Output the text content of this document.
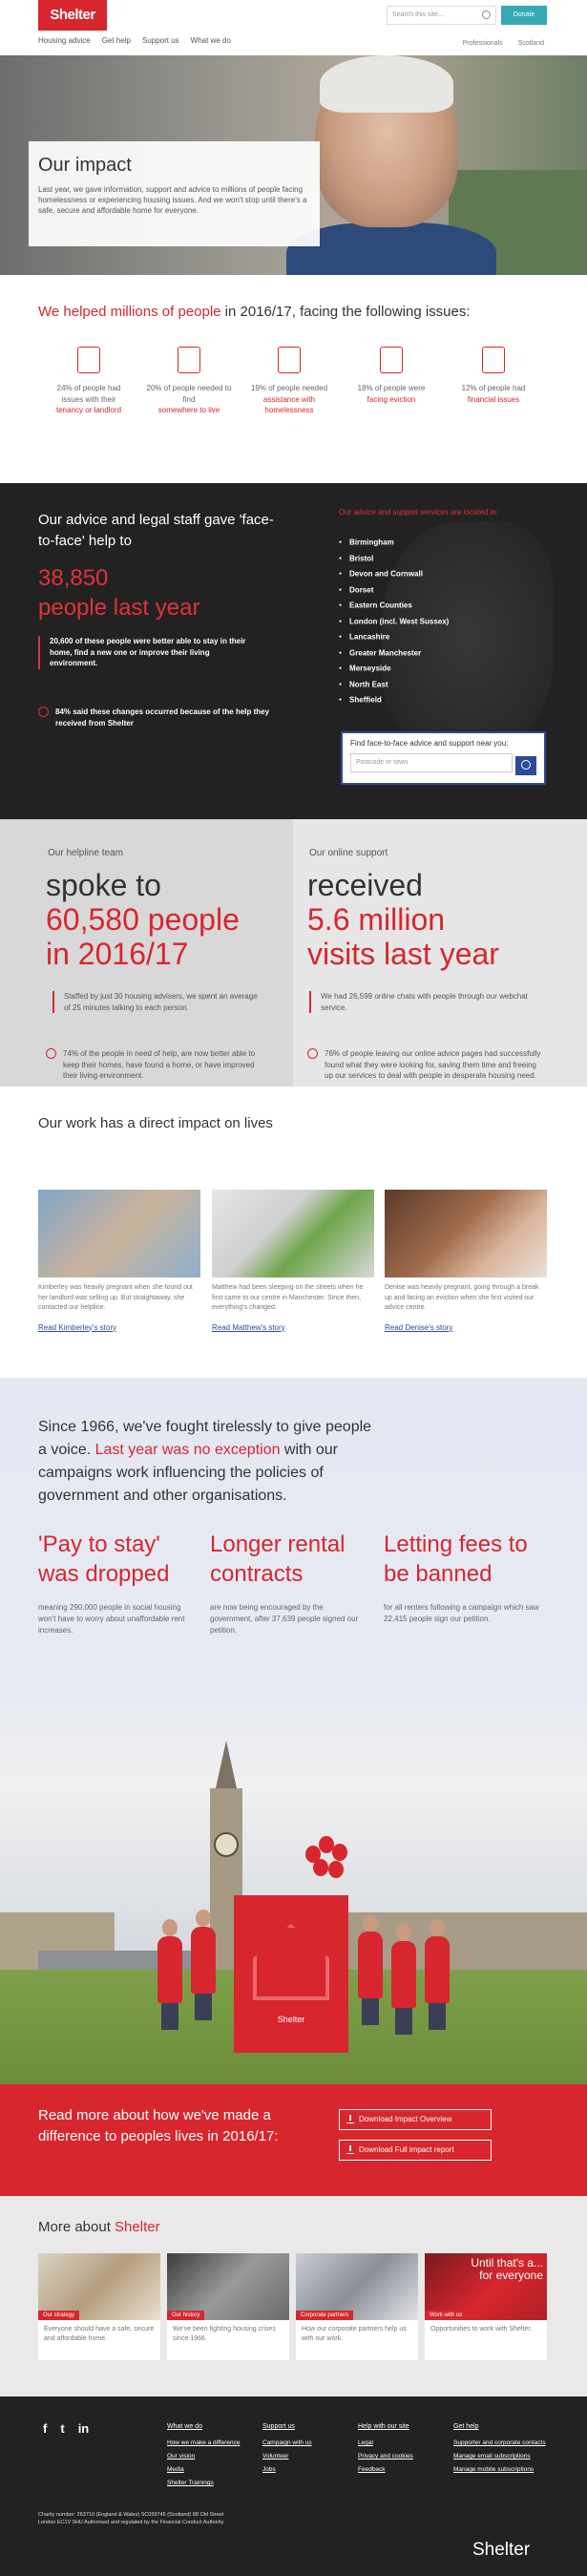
Shelter	Search this site...	Donate
Housing advice Get help Support us What we do	Professionals Scotland
Our impact

Last year, we gave information, support and advice to millions of people facing homelessness or experiencing housing issues. And we won't stop until there's a safe, secure and affordable home for everyone.

We helped millions of people in 2016/17, facing the following issues:
24% of people had issues with their
tenancy or landlord
20% of people needed to find
somewhere to live
19% of people needed
assistance with homelessness
18% of people were
facing eviction
12% of people had
financial issues
Our advice and legal staff gave 'face-to-face' help to
38,850
people last year
20,600 of these people were better able to stay in their home, find a new one or improve their living environment.
84% said these changes occurred because of the help they received from Shelter
Our advice and support services are located in:
● Birmingham
● Bristol
● Devon and Cornwall
● Dorset
● Eastern Counties
● London (incl. West Sussex)
● Lancashire
● Greater Manchester
● Merseyside
● North East
● Sheffield
Find face-to-face advice and support near you:
Postcode or town
Our helpline team
spoke to
60,580 people
in 2016/17
Staffed by just 30 housing advisers, we spent an average of 25 minutes talking to each person.
74% of the people in need of help, are now better able to keep their homes, have found a home, or have improved their living environment.
Our online support
received
5.6 million
visits last year
We had 26,599 online chats with people through our webchat service.
76% of people leaving our online advice pages had successfully found what they were looking for, saving them time and freeing up our services to deal with people in desperate housing need.
Our work has a direct impact on lives

Kimberley was heavily pregnant when she found out her landlord was selling up. But straightaway, she contacted our helpline.

Read Kimberley's story

Matthew had been sleeping on the streets when he first came to our centre in Manchester. Since then, everything's changed.

Read Matthew's story

Denise was heavily pregnant, going through a break up and facing an eviction when she first visited our advice centre.

Read Denise's story
Since 1966, we've fought tirelessly to give people a voice. Last year was no exception with our campaigns work influencing the policies of government and other organisations.
'Pay to stay' was dropped

meaning 290,000 people in social housing won't have to worry about unaffordable rent increases.

Longer rental contracts

are now being encouraged by the government, after 37,639 people signed our petition.

Letting fees to be banned

for all renters following a campaign which saw 22,415 people sign our petition.

Shelter
Read more about how we've made a difference to peoples lives in 2016/17:
Download Impact Overview
Download Full impact report
More about Shelter
Our strategy

Everyone should have a safe, secure and affordable home.

Our history

We've been fighting housing crises since 1966.

Corporate partners

How our corporate partners help us with our work.

Until that's a... for everyone
Work with us

Opportunities to work with Shelter.

f t in	What we do
How we make a difference
Our vision
Media
Shelter Trainings
Support us
Campaign with us
Volunteer
Jobs
Help with our site
Legal
Privacy and cookies
Feedback
Get help
Supporter and corporate contacts
Manage email subscriptions
Manage mobile subscriptions
Charity number: 263710 (England & Wales) SC039745 (Scotland) 88 Old Street London EC1V 9HU Authorised and regulated by the Financial Conduct Authority
Shelter
